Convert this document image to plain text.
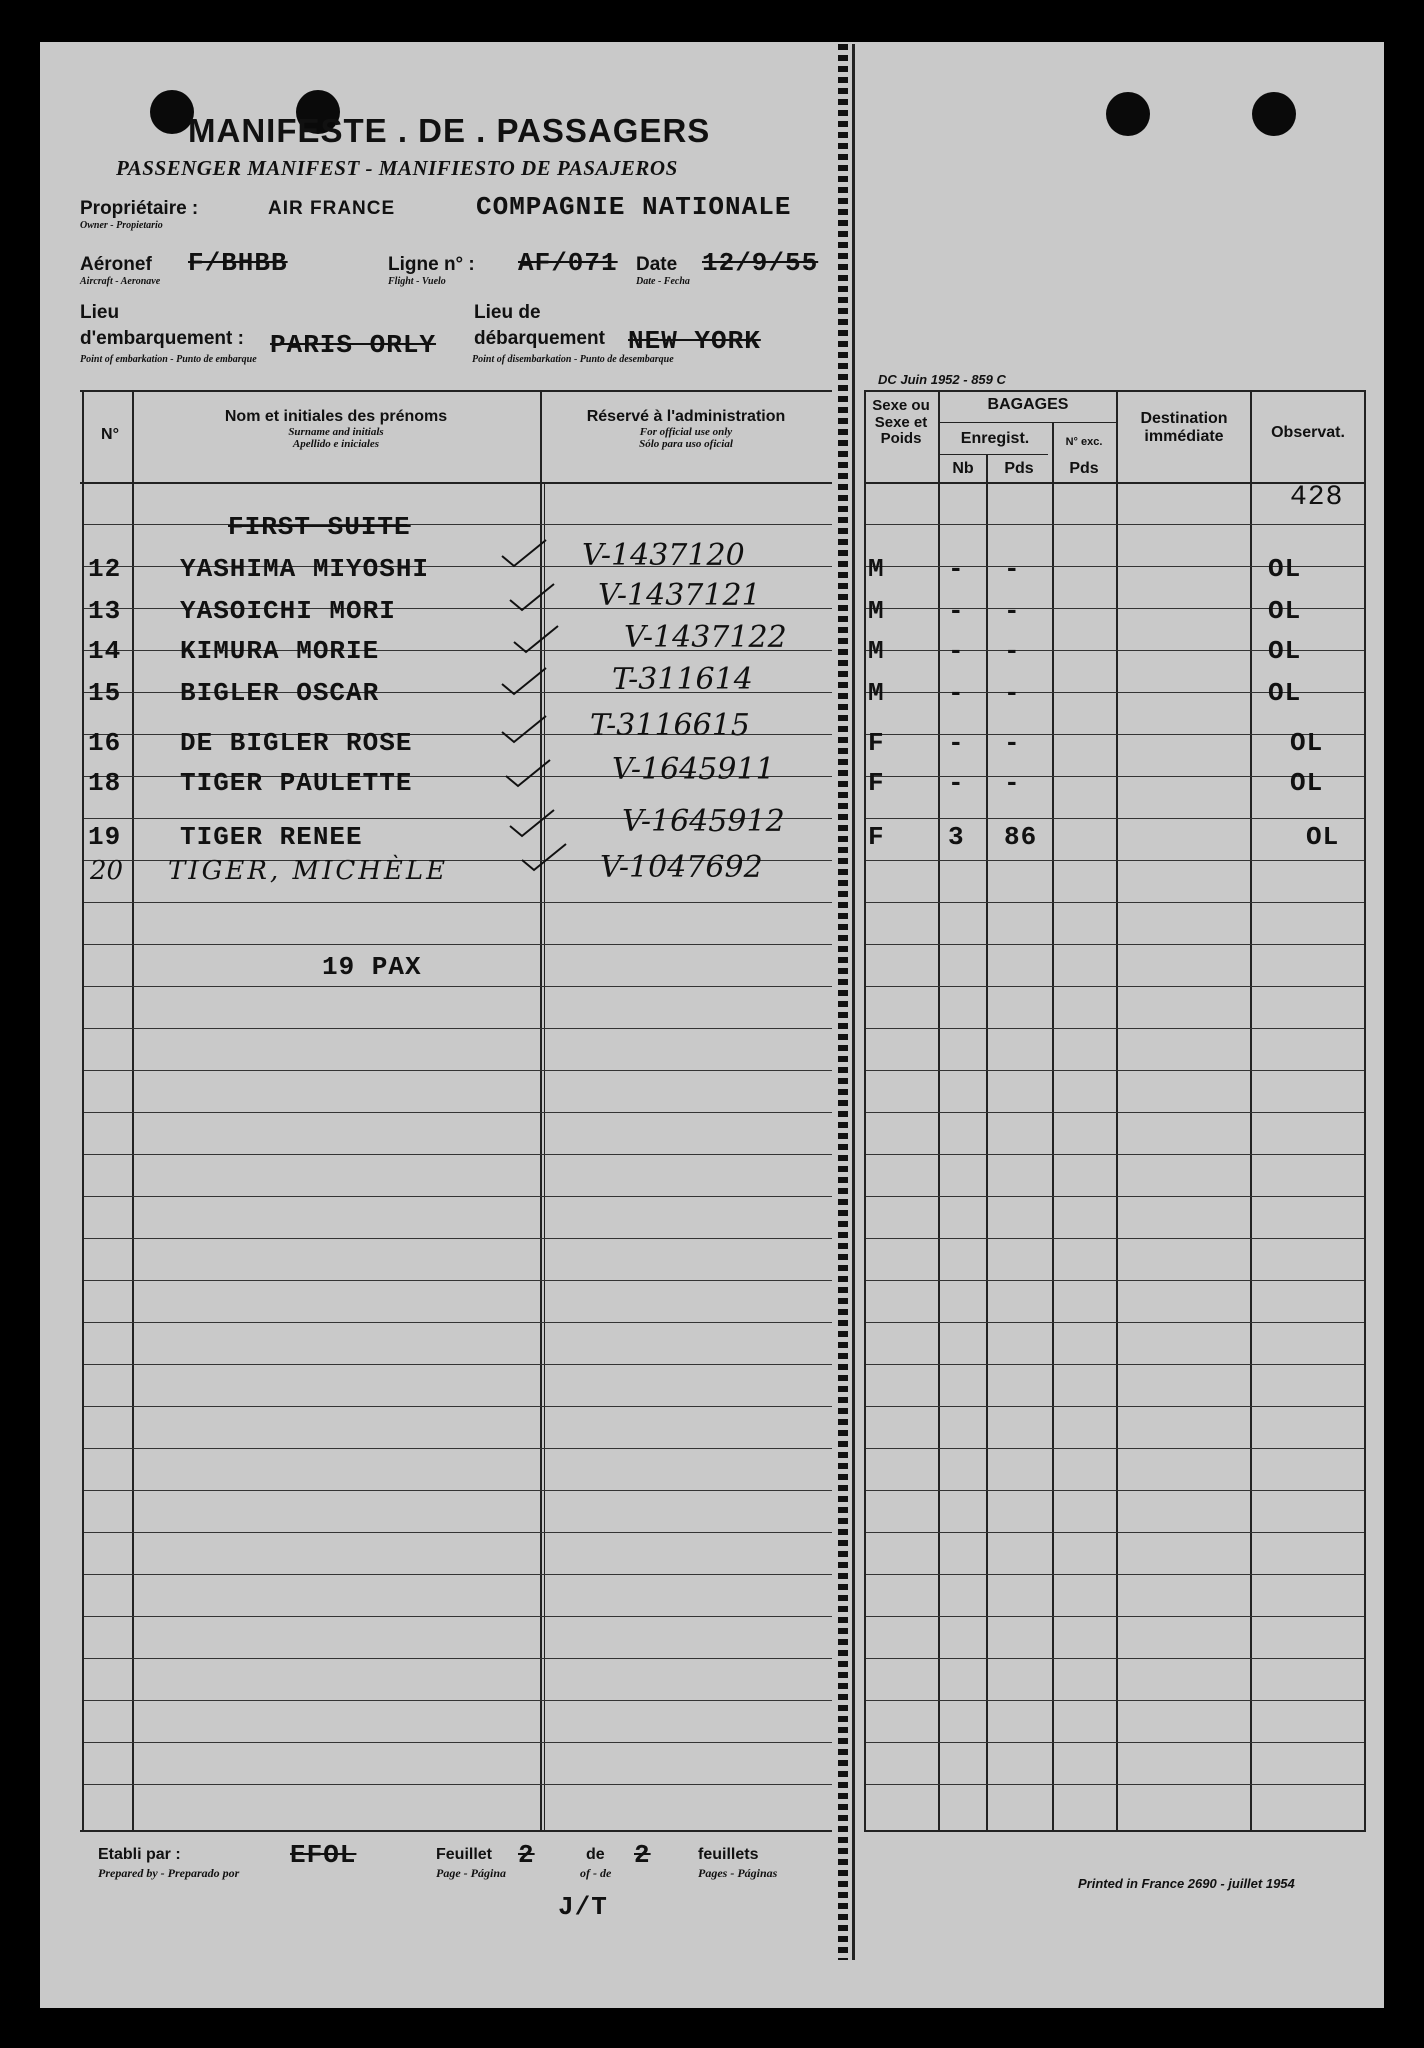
MANIFESTE . DE . PASSAGERS
PASSENGER MANIFEST - MANIFIESTO DE PASAJEROS
Propriétaire :
Owner - Propietario
AIR FRANCE	COMPAGNIE NATIONALE
Aéronef
Aircraft - Aeronave
F/BHBB	Ligne n° :
Flight - Vuelo
AF/071 Date
Date - Fecha
12/9/55
Lieu
d'embarquement :
Point of embarkation - Punto de embarque PARIS ORLY
Lieu de
débarquement
Point of disembarkation - Punto de desembarque
NEW YORK
DC Juin 1952 - 859 C
N°
Nom et initiales des prénoms
Surname and initials
Apellido e iniciales
Réservé à l'administration
For official use only
Sólo para uso oficial
Sexe ou Sexe et Poids
BAGAGES
Enregist.
Nb	Pds
N° exc.
Pds
Destination immédiate	Observat.
428
FIRST SUITE
12 YASHIMA MIYOSHI	V-1437120	M - -	OL
13 YASOICHI MORI	V-1437121	M - -	OL
14 KIMURA MORIE	V-1437122	M - -	OL
15 BIGLER OSCAR	T-311614	M - -	OL
16 DE BIGLER ROSE	T-3116615	F - -	OL
18 TIGER PAULETTE	V-1645911	F - -	OL
19 TIGER RENEE	V-1645912	F 3 86	OL
20 TIGER, MICHÈLE	V-1047692
19 PAX
Etabli par :
Prepared by - Preparado por
EFOL	Feuillet
Page - Página
2	de
of - de
2	feuillets
Pages - Páginas
J/T
Printed in France 2690 - juillet 1954
